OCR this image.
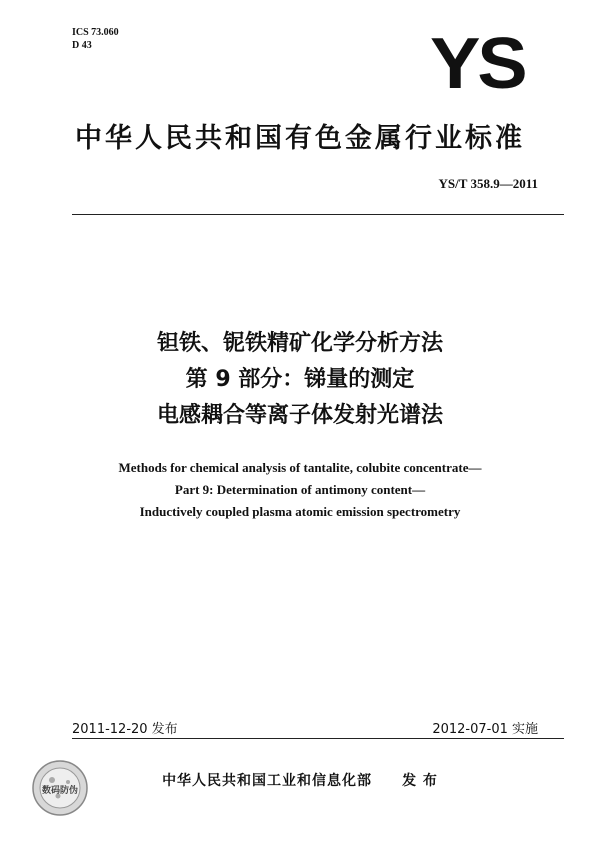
ICS 73.060
D 43	YS
中华人民共和国有色金属行业标准
YS/T 358.9—2011
钽铁、铌铁精矿化学分析方法
第 9 部分：锑量的测定
电感耦合等离子体发射光谱法
Methods for chemical analysis of tantalite, colubite concentrate—
Part 9: Determination of antimony content—
Inductively coupled plasma atomic emission spectrometry
2011-12-20 发布	2012-07-01 实施
数码防伪
中华人民共和国工业和信息化部 发 布
